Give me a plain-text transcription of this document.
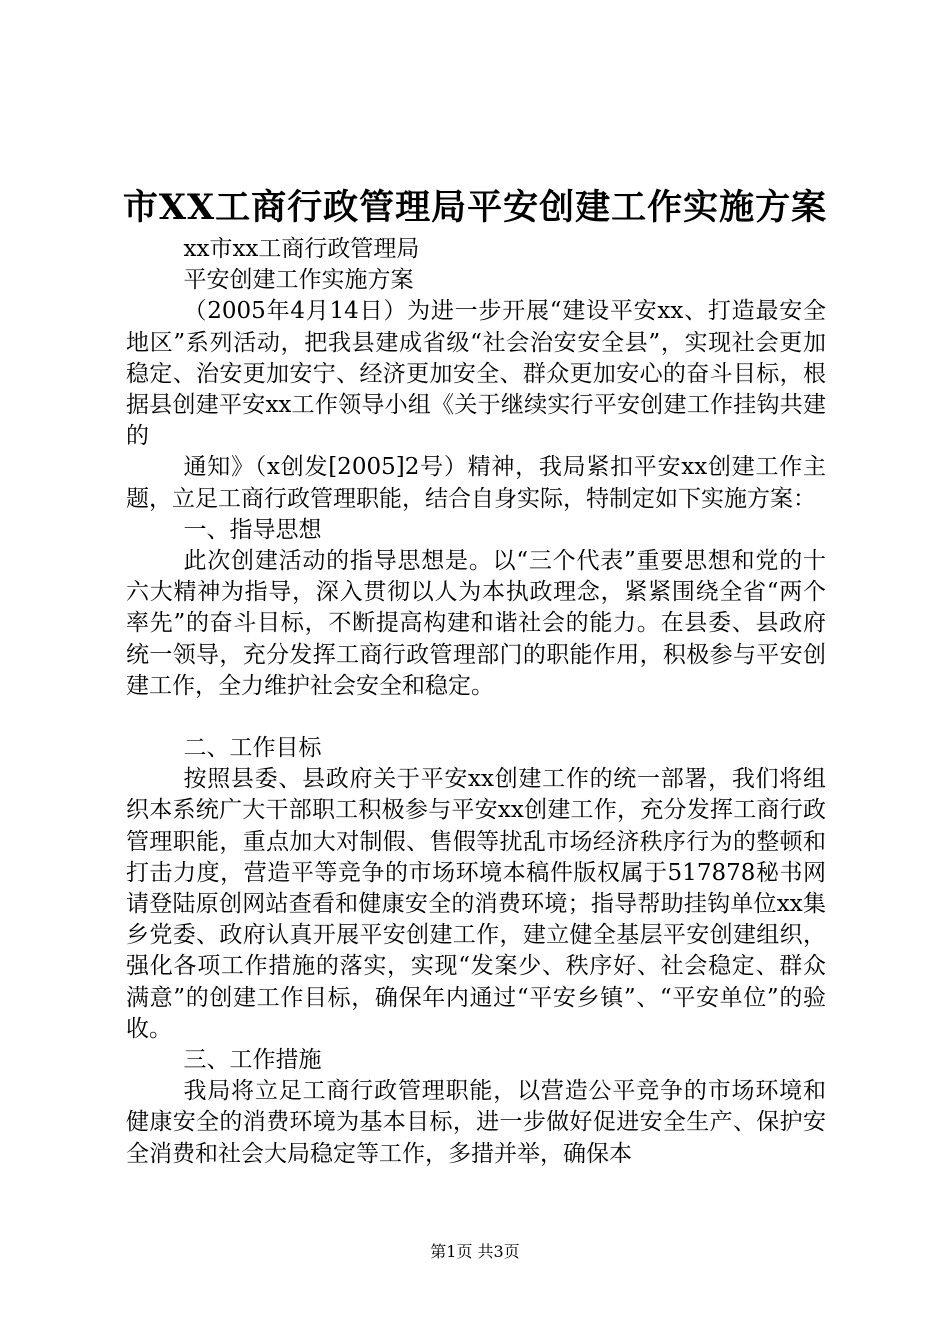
市XX工商行政管理局平安创建工作实施方案

xx市xx工商行政管理局

平安创建工作实施方案

（2005年4月14日）为进一步开展“建设平安xx、打造最安全地区”系列活动，把我县建成省级“社会治安安全县”，实现社会更加稳定、治安更加安宁、经济更加安全、群众更加安心的奋斗目标，根据县创建平安xx工作领导小组《关于继续实行平安创建工作挂钩共建的

通知》（x创发[2005]2号）精神，我局紧扣平安xx创建工作主题，立足工商行政管理职能，结合自身实际，特制定如下实施方案：

一、指导思想

此次创建活动的指导思想是。以“三个代表”重要思想和党的十六大精神为指导，深入贯彻以人为本执政理念，紧紧围绕全省“两个率先”的奋斗目标，不断提高构建和谐社会的能力。在县委、县政府统一领导，充分发挥工商行政管理部门的职能作用，积极参与平安创建工作，全力维护社会安全和稳定。

二、工作目标

按照县委、县政府关于平安xx创建工作的统一部署，我们将组织本系统广大干部职工积极参与平安xx创建工作，充分发挥工商行政管理职能，重点加大对制假、售假等扰乱市场经济秩序行为的整顿和打击力度，营造平等竞争的市场环境本稿件版权属于517878秘书网请登陆原创网站查看和健康安全的消费环境；指导帮助挂钩单位xx集乡党委、政府认真开展平安创建工作，建立健全基层平安创建组织，强化各项工作措施的落实，实现“发案少、秩序好、社会稳定、群众满意”的创建工作目标，确保年内通过“平安乡镇”、“平安单位”的验收。

三、工作措施

我局将立足工商行政管理职能，以营造公平竞争的市场环境和健康安全的消费环境为基本目标，进一步做好促进安全生产、保护安全消费和社会大局稳定等工作，多措并举，确保本

第1页 共3页
